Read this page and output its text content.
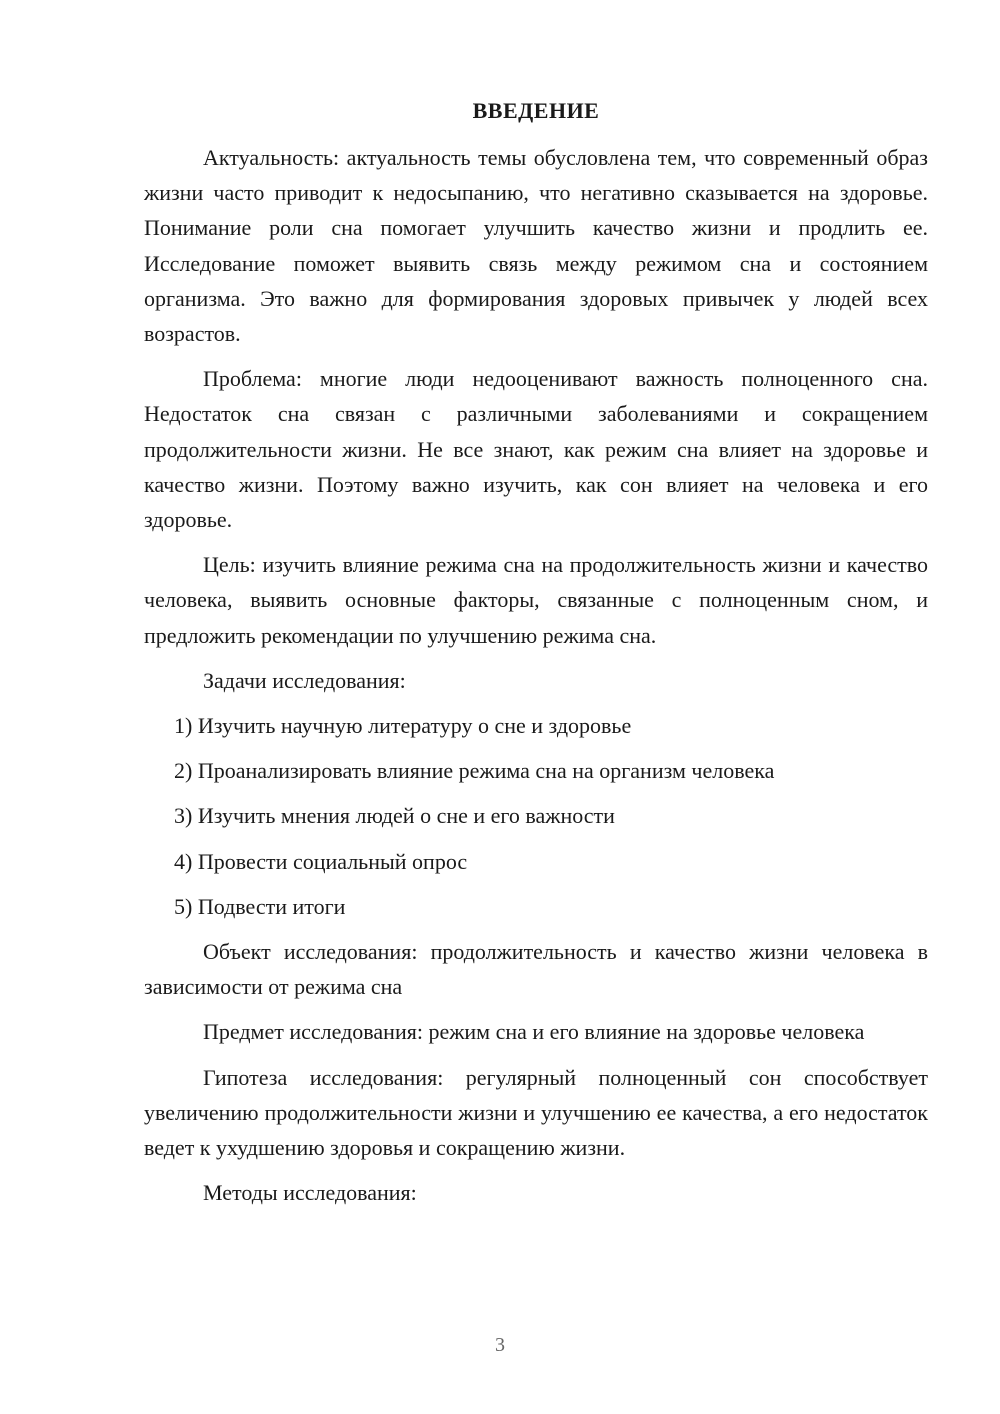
ВВЕДЕНИЕ

Актуальность: актуальность темы обусловлена тем, что современный образ жизни часто приводит к недосыпанию, что негативно сказывается на здоровье. Понимание роли сна помогает улучшить качество жизни и продлить ее. Исследование поможет выявить связь между режимом сна и состоянием организма. Это важно для формирования здоровых привычек у людей всех возрастов.

Проблема: многие люди недооценивают важность полноценного сна. Недостаток сна связан с различными заболеваниями и сокращением продолжительности жизни. Не все знают, как режим сна влияет на здоровье и качество жизни. Поэтому важно изучить, как сон влияет на человека и его здоровье.

Цель: изучить влияние режима сна на продолжительность жизни и качество человека, выявить основные факторы, связанные с полноценным сном, и предложить рекомендации по улучшению режима сна.

Задачи исследования:

1) Изучить научную литературу о сне и здоровье
2) Проанализировать влияние режима сна на организм человека
3) Изучить мнения людей о сне и его важности
4) Провести социальный опрос
5) Подвести итоги

Объект исследования: продолжительность и качество жизни человека в зависимости от режима сна

Предмет исследования: режим сна и его влияние на здоровье человека

Гипотеза исследования: регулярный полноценный сон способствует увеличению продолжительности жизни и улучшению ее качества, а его недостаток ведет к ухудшению здоровья и сокращению жизни.

Методы исследования:

3
